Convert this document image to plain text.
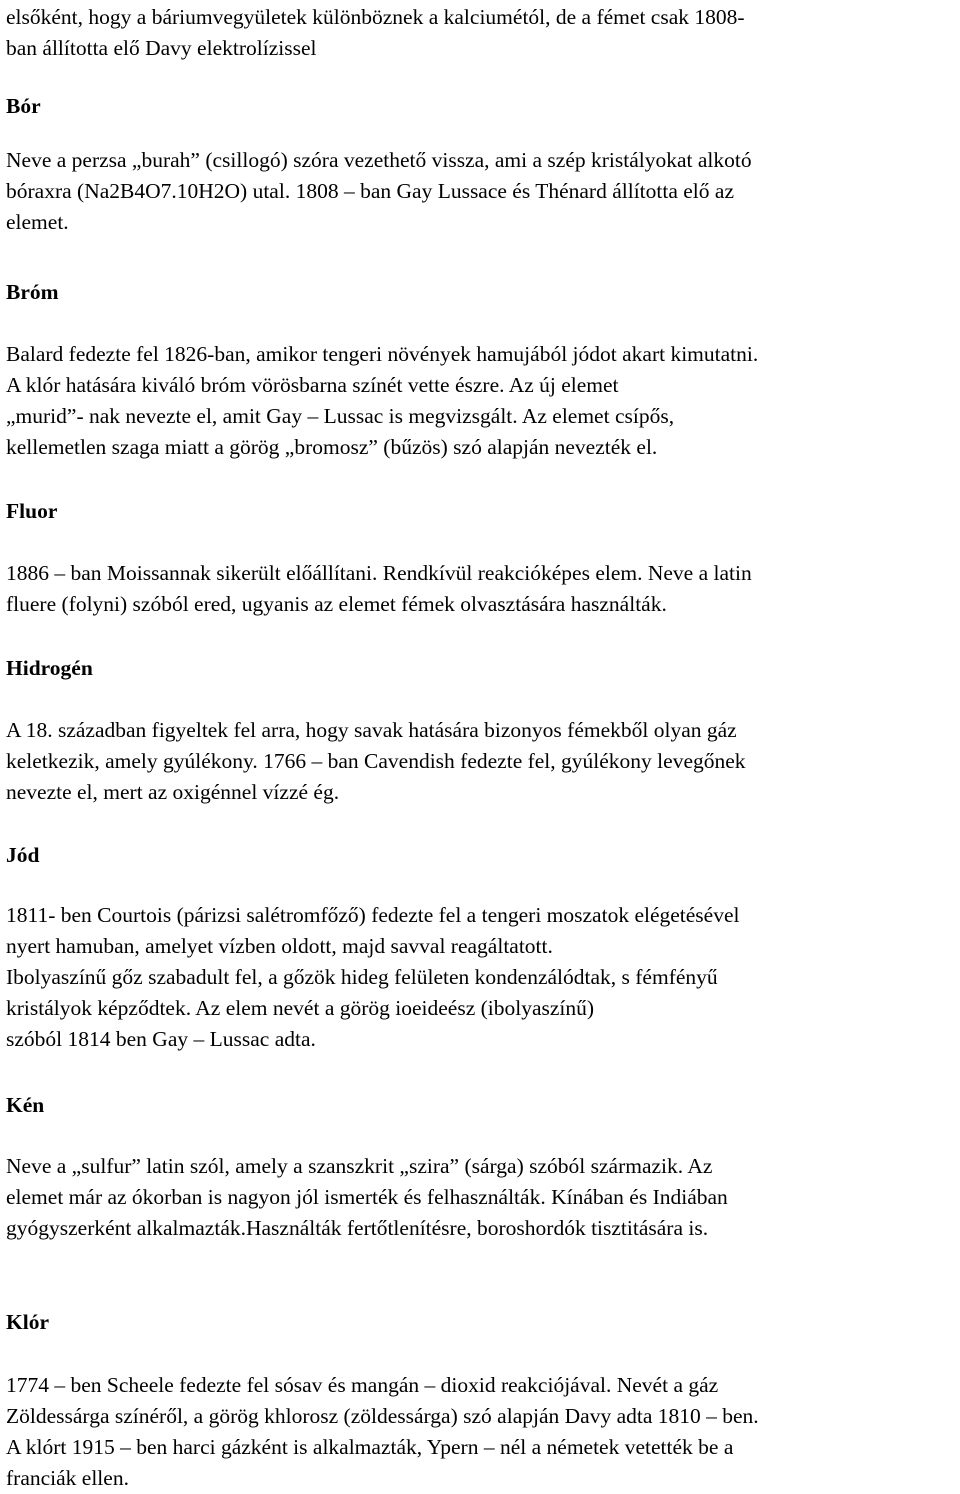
elsőként, hogy a báriumvegyületek különböznek a kalciumétól, de a fémet csak 1808-
ban állította elő Davy elektrolízissel
Bór
Neve a perzsa „burah” (csillogó) szóra vezethető vissza, ami a szép kristályokat alkotó
bóraxra (Na2B4O7.10H2O) utal. 1808 – ban Gay Lussace és Thénard állította elő az
elemet.
Bróm
Balard fedezte fel 1826-ban, amikor tengeri növények hamujából jódot akart kimutatni.
A klór hatására kiváló bróm vörösbarna színét vette észre. Az új elemet
„murid”- nak nevezte el, amit Gay – Lussac is megvizsgált. Az elemet csípős,
kellemetlen szaga miatt a görög „bromosz” (bűzös) szó alapján nevezték el.
Fluor
1886 – ban Moissannak sikerült előállítani. Rendkívül reakcióképes elem. Neve a latin
fluere (folyni) szóból ered, ugyanis az elemet fémek olvasztására használták.
Hidrogén
A 18. században figyeltek fel arra, hogy savak hatására bizonyos fémekből olyan gáz
keletkezik, amely gyúlékony. 1766 – ban Cavendish fedezte fel, gyúlékony levegőnek
nevezte el, mert az oxigénnel vízzé ég.
Jód
1811- ben Courtois (párizsi salétromfőző) fedezte fel a tengeri moszatok elégetésével
nyert hamuban, amelyet vízben oldott, majd savval reagáltatott.
Ibolyaszínű gőz szabadult fel, a gőzök hideg felületen kondenzálódtak, s fémfényű
kristályok képződtek. Az elem nevét a görög ioeideész (ibolyaszínű)
szóból 1814 ben Gay – Lussac adta.
Kén
Neve a „sulfur” latin szól, amely a szanszkrit „szira” (sárga) szóból származik. Az
elemet már az ókorban is nagyon jól ismerték és felhasználták. Kínában és Indiában
gyógyszerként alkalmazták.Használták fertőtlenítésre, boroshordók tisztitására is.
Klór
1774 – ben Scheele fedezte fel sósav és mangán – dioxid reakciójával. Nevét a gáz
Zöldessárga színéről, a görög khlorosz (zöldessárga) szó alapján Davy adta 1810 – ben.
A klórt 1915 – ben harci gázként is alkalmazták, Ypern – nél a németek vetették be a
franciák ellen.
